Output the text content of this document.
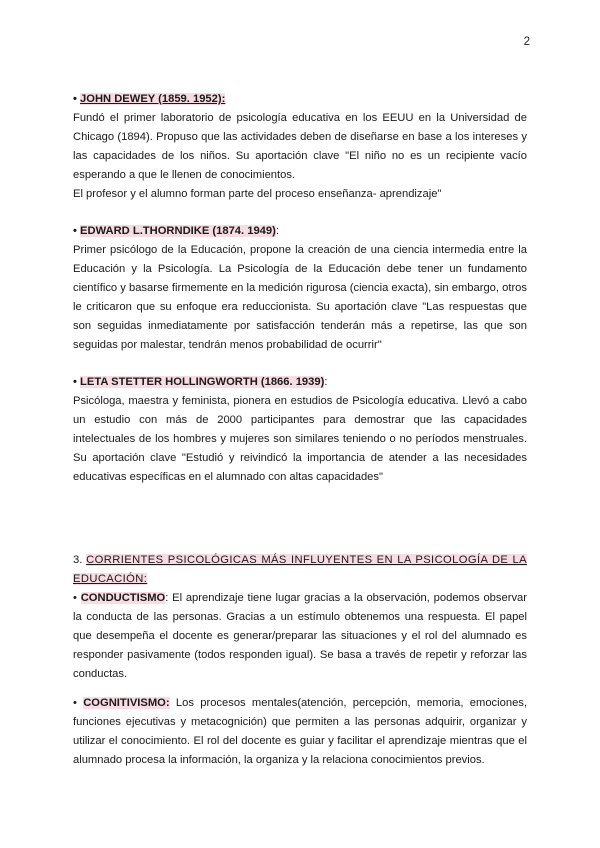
2

• JOHN DEWEY (1859. 1952):

Fundó el primer laboratorio de psicología educativa en los EEUU en la Universidad de Chicago (1894). Propuso que las actividades deben de diseñarse en base a los intereses y las capacidades de los niños. Su aportación clave "El niño no es un recipiente vacío esperando a que le llenen de conocimientos.

El profesor y el alumno forman parte del proceso enseñanza- aprendizaje"

• EDWARD L.THORNDIKE (1874. 1949):

Primer psicólogo de la Educación, propone la creación de una ciencia intermedia entre la Educación y la Psicología. La Psicología de la Educación debe tener un fundamento científico y basarse firmemente en la medición rigurosa (ciencia exacta), sin embargo, otros le criticaron que su enfoque era reduccionista. Su aportación clave "Las respuestas que son seguidas inmediatamente por satisfacción tenderán más a repetirse, las que son seguidas por malestar, tendrán menos probabilidad de ocurrir"

• LETA STETTER HOLLINGWORTH (1866. 1939):

Psicóloga, maestra y feminista, pionera en estudios de Psicología educativa. Llevó a cabo un estudio con más de 2000 participantes para demostrar que las capacidades intelectuales de los hombres y mujeres son similares teniendo o no períodos menstruales. Su aportación clave "Estudió y reivindicó la importancia de atender a las necesidades educativas específicas en el alumnado con altas capacidades"

3. CORRIENTES PSICOLÓGICAS MÁS INFLUYENTES EN LA PSICOLOGÍA DE LA EDUCACIÓN:

• CONDUCTISMO: El aprendizaje tiene lugar gracias a la observación, podemos observar la conducta de las personas. Gracias a un estímulo obtenemos una respuesta. El papel que desempeña el docente es generar/preparar las situaciones y el rol del alumnado es responder pasivamente (todos responden igual). Se basa a través de repetir y reforzar las conductas.

• COGNITIVISMO: Los procesos mentales(atención, percepción, memoria, emociones, funciones ejecutivas y metacognición) que permiten a las personas adquirir, organizar y utilizar el conocimiento. El rol del docente es guiar y facilitar el aprendizaje mientras que el alumnado procesa la información, la organiza y la relaciona conocimientos previos.
